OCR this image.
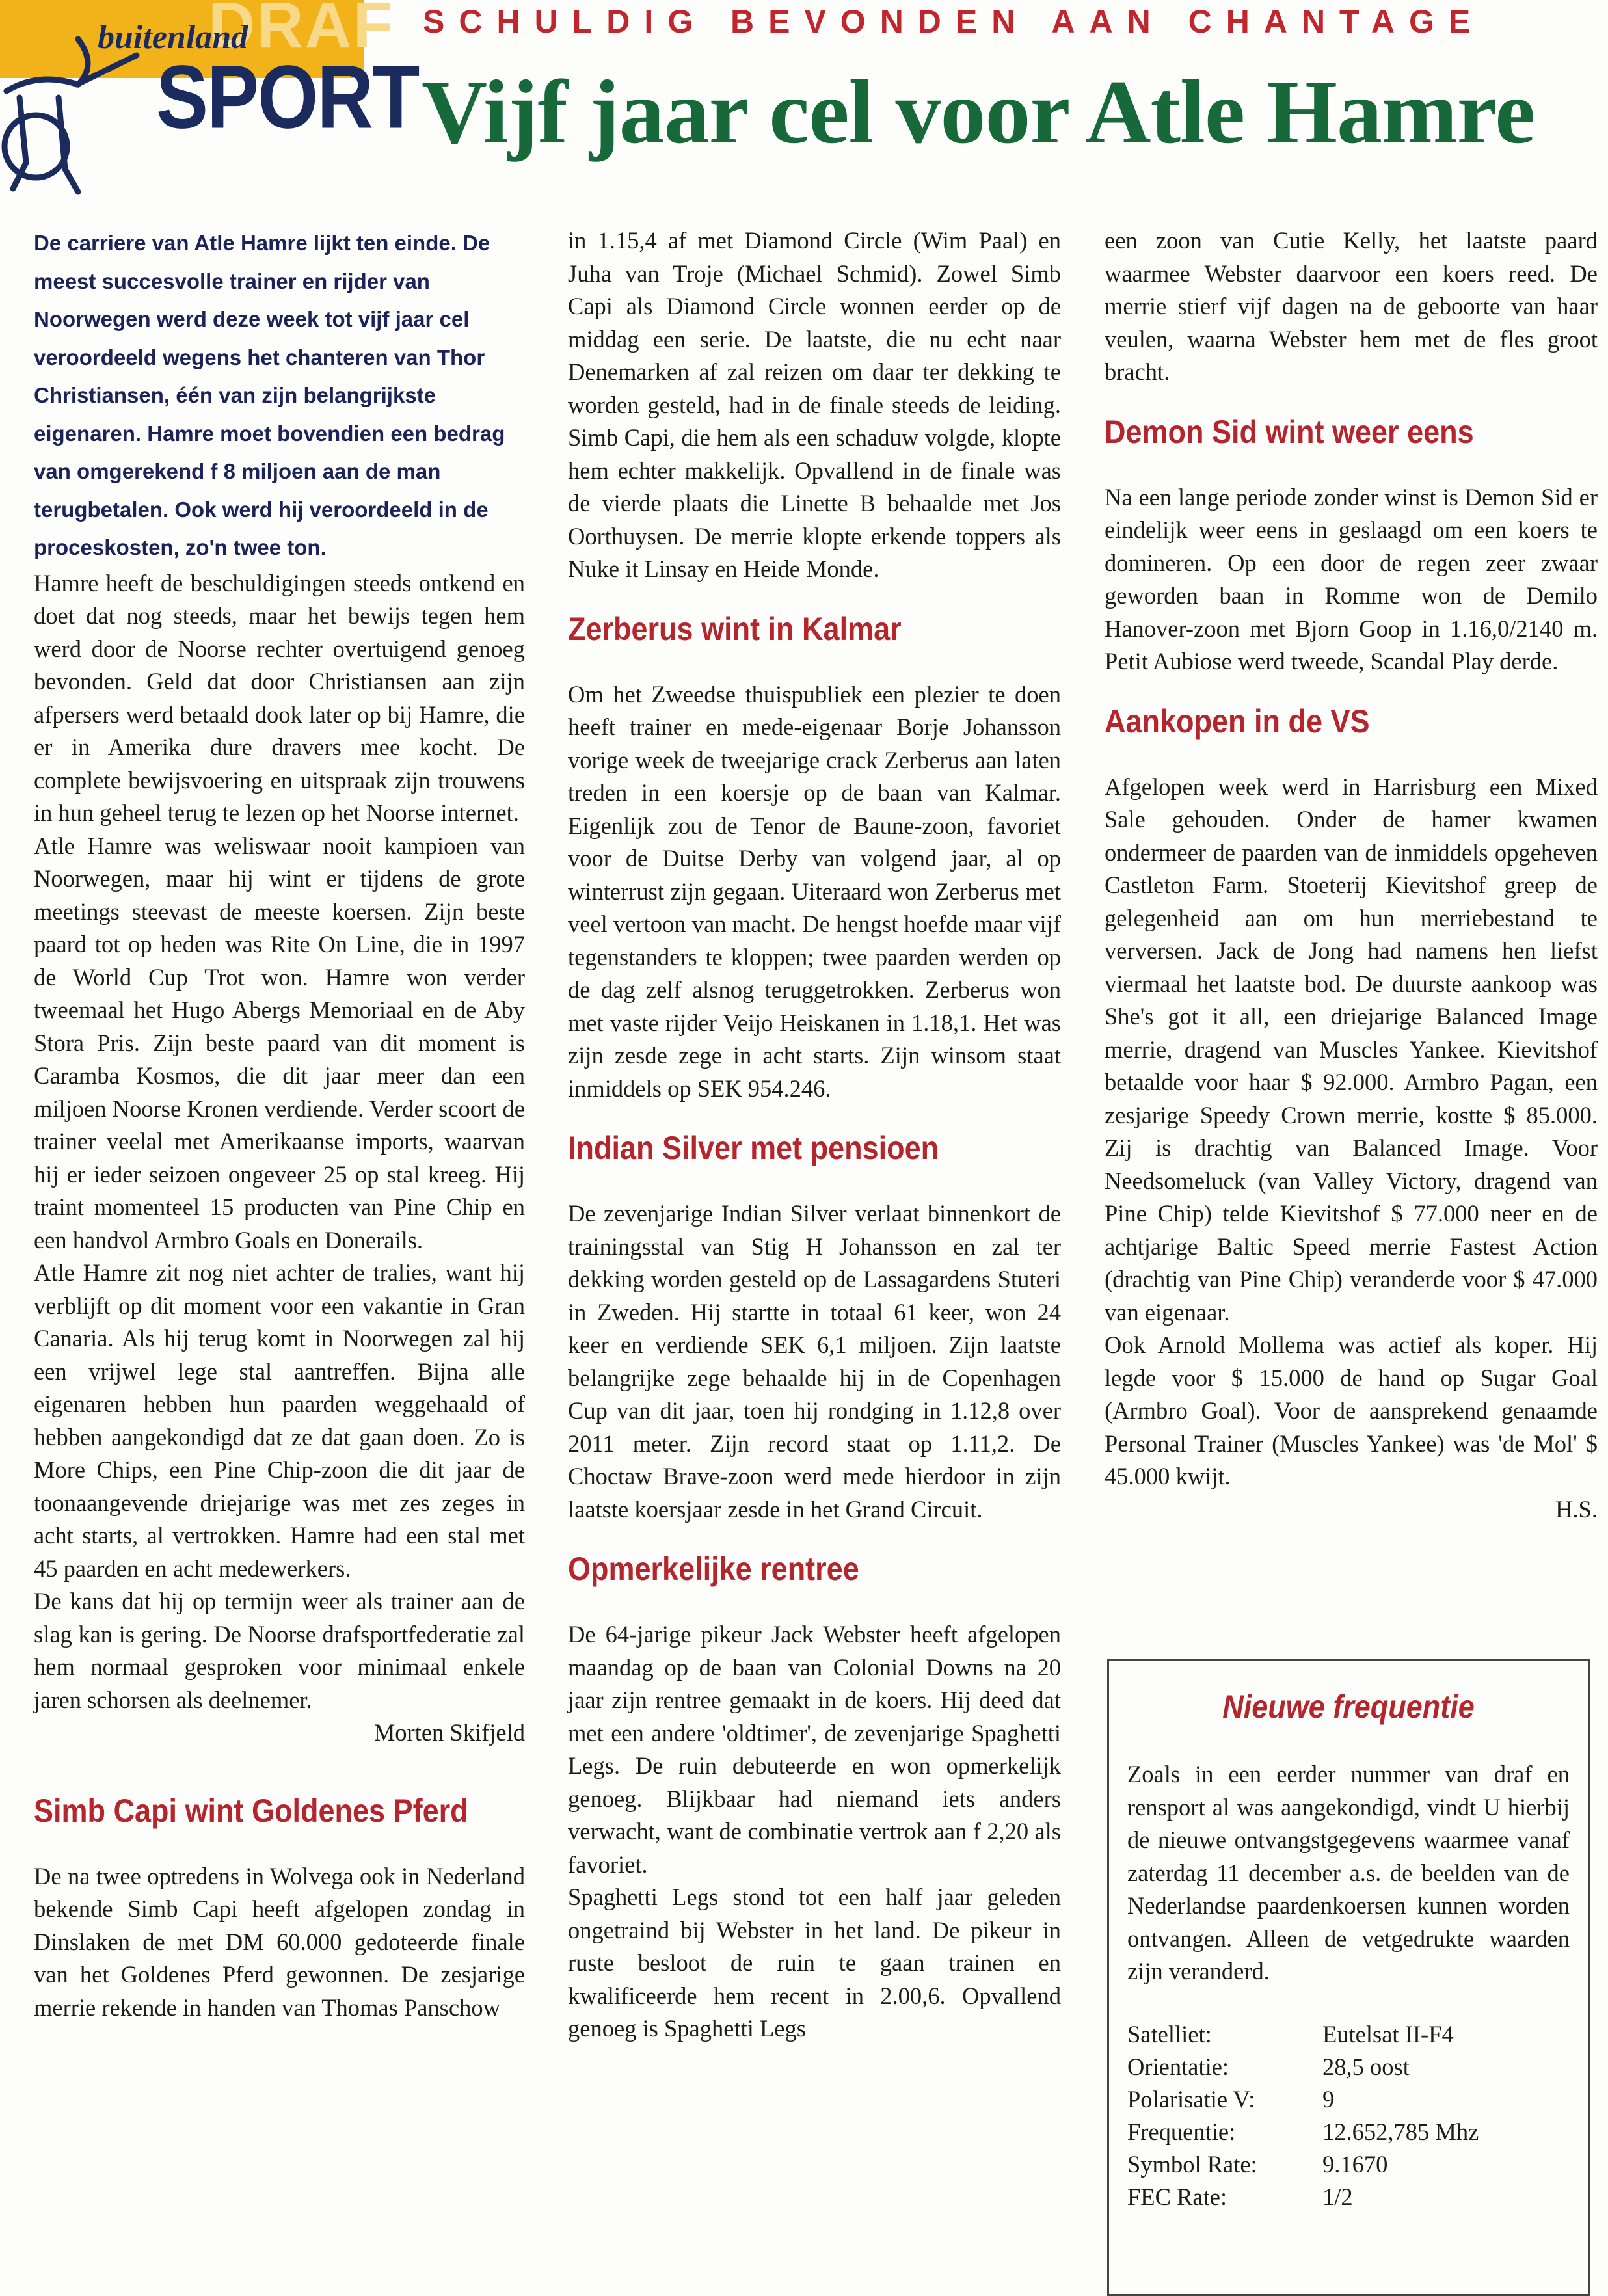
DRAF
buitenland
SPORT
SCHULDIG BEVONDEN AAN CHANTAGE
Vijf jaar cel voor Atle Hamre

De carriere van Atle Hamre lijkt ten einde. De meest succesvolle trainer en rijder van Noorwegen werd deze week tot vijf jaar cel veroordeeld wegens het chanteren van Thor Christiansen, één van zijn belangrijkste eigenaren. Hamre moet bovendien een bedrag van omgerekend f 8 miljoen aan de man terugbetalen. Ook werd hij veroordeeld in de proceskosten, zo'n twee ton.

Hamre heeft de beschuldigingen steeds ontkend en doet dat nog steeds, maar het bewijs tegen hem werd door de Noorse rechter overtuigend genoeg bevonden. Geld dat door Christiansen aan zijn afpersers werd betaald dook later op bij Hamre, die er in Amerika dure dravers mee kocht. De complete bewijsvoering en uitspraak zijn trouwens in hun geheel terug te lezen op het Noorse internet.

Atle Hamre was weliswaar nooit kampioen van Noorwegen, maar hij wint er tijdens de grote meetings steevast de meeste koersen. Zijn beste paard tot op heden was Rite On Line, die in 1997 de World Cup Trot won. Hamre won verder tweemaal het Hugo Abergs Memoriaal en de Aby Stora Pris. Zijn beste paard van dit moment is Caramba Kosmos, die dit jaar meer dan een miljoen Noorse Kronen verdiende. Verder scoort de trainer veelal met Amerikaanse imports, waarvan hij er ieder seizoen ongeveer 25 op stal kreeg. Hij traint momenteel 15 producten van Pine Chip en een handvol Armbro Goals en Donerails.

Atle Hamre zit nog niet achter de tralies, want hij verblijft op dit moment voor een vakantie in Gran Canaria. Als hij terug komt in Noorwegen zal hij een vrijwel lege stal aantreffen. Bijna alle eigenaren hebben hun paarden weggehaald of hebben aangekondigd dat ze dat gaan doen. Zo is More Chips, een Pine Chip-zoon die dit jaar de toonaangevende driejarige was met zes zeges in acht starts, al vertrokken. Hamre had een stal met 45 paarden en acht medewerkers.

De kans dat hij op termijn weer als trainer aan de slag kan is gering. De Noorse drafsportfederatie zal hem normaal gesproken voor minimaal enkele jaren schorsen als deelnemer.

Morten Skifjeld

Simb Capi wint Goldenes Pferd

De na twee optredens in Wolvega ook in Nederland bekende Simb Capi heeft afgelopen zondag in Dinslaken de met DM 60.000 gedoteerde finale van het Goldenes Pferd gewonnen. De zesjarige merrie rekende in handen van Thomas Panschow

in 1.15,4 af met Diamond Circle (Wim Paal) en Juha van Troje (Michael Schmid). Zowel Simb Capi als Diamond Circle wonnen eerder op de middag een serie. De laatste, die nu echt naar Denemarken af zal reizen om daar ter dekking te worden gesteld, had in de finale steeds de leiding. Simb Capi, die hem als een schaduw volgde, klopte hem echter makkelijk. Opvallend in de finale was de vierde plaats die Linette B behaalde met Jos Oorthuysen. De merrie klopte erkende toppers als Nuke it Linsay en Heide Monde.

Zerberus wint in Kalmar

Om het Zweedse thuispubliek een plezier te doen heeft trainer en mede-eigenaar Borje Johansson vorige week de tweejarige crack Zerberus aan laten treden in een koersje op de baan van Kalmar. Eigenlijk zou de Tenor de Baune-zoon, favoriet voor de Duitse Derby van volgend jaar, al op winterrust zijn gegaan. Uiteraard won Zerberus met veel vertoon van macht. De hengst hoefde maar vijf tegenstanders te kloppen; twee paarden werden op de dag zelf alsnog teruggetrokken. Zerberus won met vaste rijder Veijo Heiskanen in 1.18,1. Het was zijn zesde zege in acht starts. Zijn winsom staat inmiddels op SEK 954.246.

Indian Silver met pensioen

De zevenjarige Indian Silver verlaat binnenkort de trainingsstal van Stig H Johansson en zal ter dekking worden gesteld op de Lassagardens Stuteri in Zweden. Hij startte in totaal 61 keer, won 24 keer en verdiende SEK 6,1 miljoen. Zijn laatste belangrijke zege behaalde hij in de Copenhagen Cup van dit jaar, toen hij rondging in 1.12,8 over 2011 meter. Zijn record staat op 1.11,2. De Choctaw Brave-zoon werd mede hierdoor in zijn laatste koersjaar zesde in het Grand Circuit.

Opmerkelijke rentree

De 64-jarige pikeur Jack Webster heeft afgelopen maandag op de baan van Colonial Downs na 20 jaar zijn rentree gemaakt in de koers. Hij deed dat met een andere 'oldtimer', de zevenjarige Spaghetti Legs. De ruin debuteerde en won opmerkelijk genoeg. Blijkbaar had niemand iets anders verwacht, want de combinatie vertrok aan f 2,20 als favoriet.

Spaghetti Legs stond tot een half jaar geleden ongetraind bij Webster in het land. De pikeur in ruste besloot de ruin te gaan trainen en kwalificeerde hem recent in 2.00,6. Opvallend genoeg is Spaghetti Legs

een zoon van Cutie Kelly, het laatste paard waarmee Webster daarvoor een koers reed. De merrie stierf vijf dagen na de geboorte van haar veulen, waarna Webster hem met de fles groot bracht.

Demon Sid wint weer eens

Na een lange periode zonder winst is Demon Sid er eindelijk weer eens in geslaagd om een koers te domineren. Op een door de regen zeer zwaar geworden baan in Romme won de Demilo Hanover-zoon met Bjorn Goop in 1.16,0/2140 m. Petit Aubiose werd tweede, Scandal Play derde.

Aankopen in de VS

Afgelopen week werd in Harrisburg een Mixed Sale gehouden. Onder de hamer kwamen ondermeer de paarden van de inmiddels opgeheven Castleton Farm. Stoeterij Kievitshof greep de gelegenheid aan om hun merriebestand te verversen. Jack de Jong had namens hen liefst viermaal het laatste bod. De duurste aankoop was She's got it all, een driejarige Balanced Image merrie, dragend van Muscles Yankee. Kievitshof betaalde voor haar $ 92.000. Armbro Pagan, een zesjarige Speedy Crown merrie, kostte $ 85.000. Zij is drachtig van Balanced Image. Voor Needsomeluck (van Valley Victory, dragend van Pine Chip) telde Kievitshof $ 77.000 neer en de achtjarige Baltic Speed merrie Fastest Action (drachtig van Pine Chip) veranderde voor $ 47.000 van eigenaar.

Ook Arnold Mollema was actief als koper. Hij legde voor $ 15.000 de hand op Sugar Goal (Armbro Goal). Voor de aansprekend genaamde Personal Trainer (Muscles Yankee) was 'de Mol' $ 45.000 kwijt.

H.S.

Nieuwe frequentie

Zoals in een eerder nummer van draf en rensport al was aangekondigd, vindt U hierbij de nieuwe ontvangstgegevens waarmee vanaf zaterdag 11 december a.s. de beelden van de Nederlandse paardenkoersen kunnen worden ontvangen. Alleen de vetgedrukte waarden zijn veranderd.

Satelliet:	Eutelsat II-F4
Orientatie:	28,5 oost
Polarisatie V:	9
Frequentie:	12.652,785 Mhz
Symbol Rate:	9.1670
FEC Rate:	1/2
